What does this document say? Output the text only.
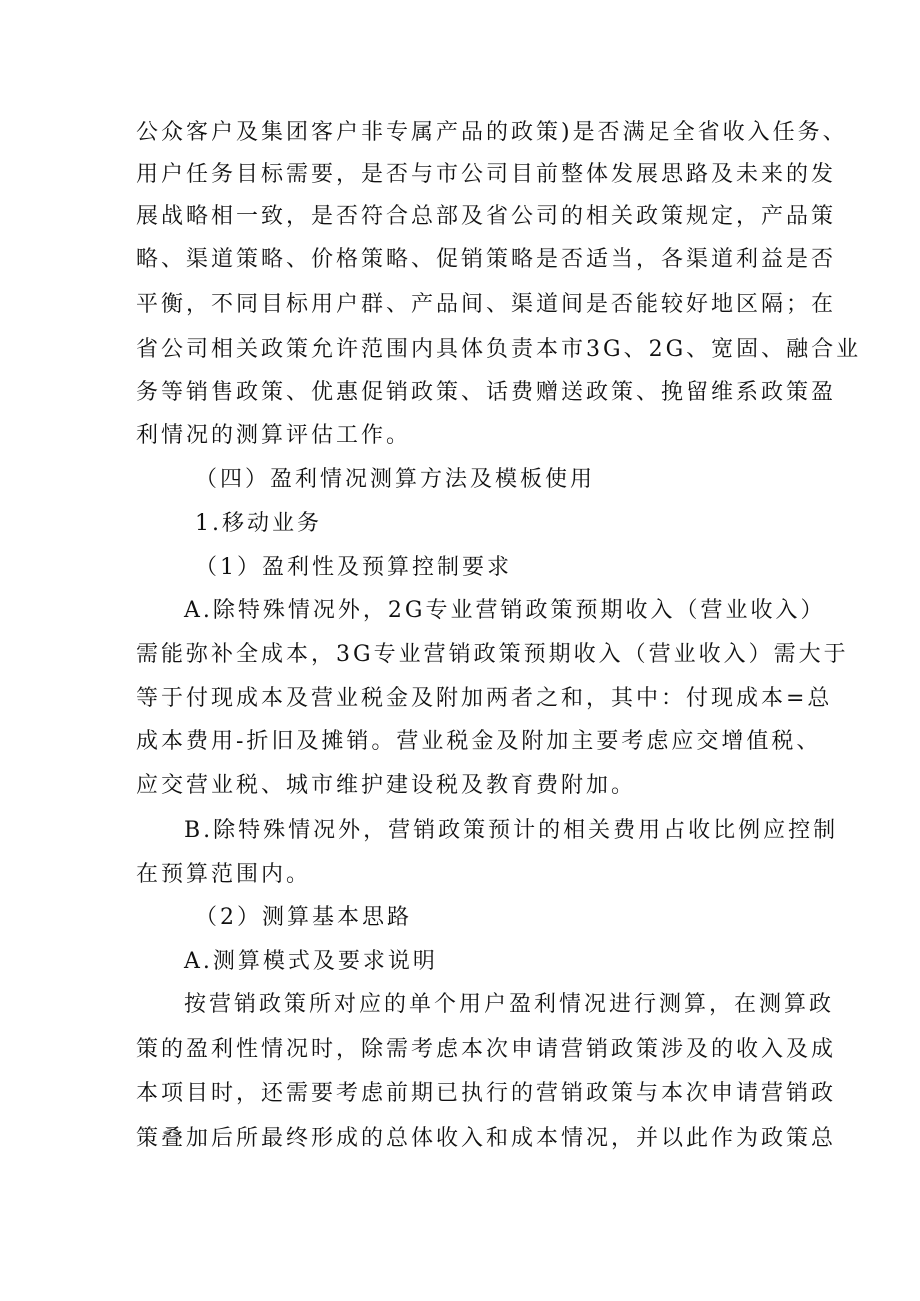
公众客户及集团客户非专属产品的政策)是否满足全省收入任务、
用户任务目标需要，是否与市公司目前整体发展思路及未来的发
展战略相一致，是否符合总部及省公司的相关政策规定，产品策
略、渠道策略、价格策略、促销策略是否适当，各渠道利益是否
平衡，不同目标用户群、产品间、渠道间是否能较好地区隔；在
省公司相关政策允许范围内具体负责本市3G、2G、宽固、融合业
务等销售政策、优惠促销政策、话费赠送政策、挽留维系政策盈
利情况的测算评估工作。
（四）盈利情况测算方法及模板使用
1.移动业务
（1）盈利性及预算控制要求
A.除特殊情况外，2G专业营销政策预期收入（营业收入）
需能弥补全成本，3G专业营销政策预期收入（营业收入）需大于
等于付现成本及营业税金及附加两者之和，其中：付现成本=总
成本费用-折旧及摊销。营业税金及附加主要考虑应交增值税、
应交营业税、城市维护建设税及教育费附加。
B.除特殊情况外，营销政策预计的相关费用占收比例应控制
在预算范围内。
（2）测算基本思路
A.测算模式及要求说明
按营销政策所对应的单个用户盈利情况进行测算，在测算政
策的盈利性情况时，除需考虑本次申请营销政策涉及的收入及成
本项目时，还需要考虑前期已执行的营销政策与本次申请营销政
策叠加后所最终形成的总体收入和成本情况，并以此作为政策总
